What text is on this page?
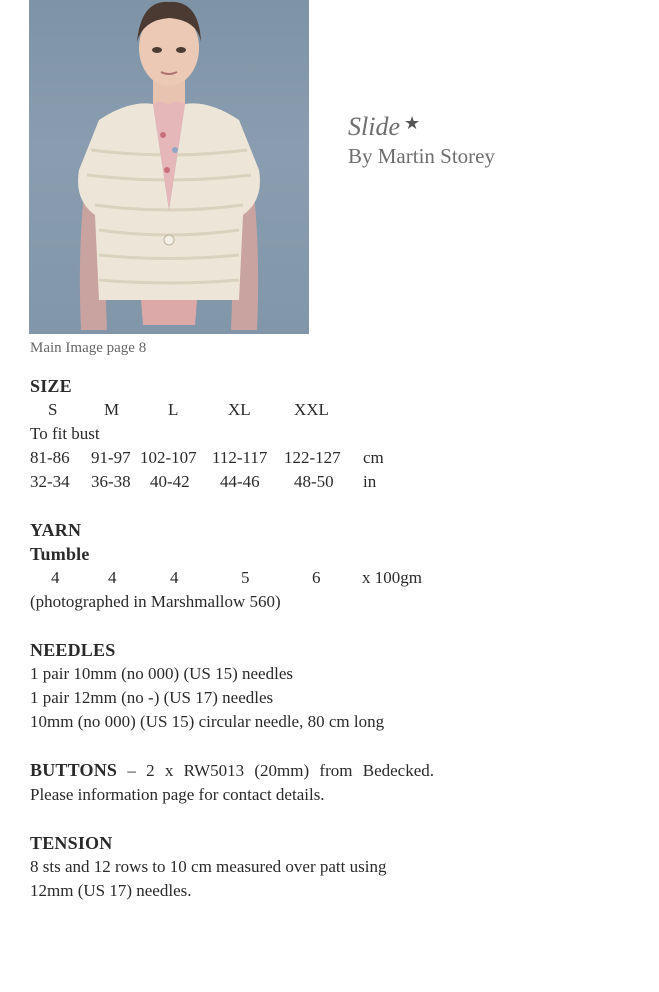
Main Image page 8
Slide ★
By Martin Storey
SIZE
S	M	L	XL	XXL
To fit bust
81-86	91-97 102-107 112-117 122-127	cm
32-34	36-38	40-42	44-46	48-50	in
YARN
Tumble
4	4	4	5	6	x 100gm
(photographed in Marshmallow 560)
NEEDLES
1 pair 10mm (no 000) (US 15) needles
1 pair 12mm (no -) (US 17) needles
10mm (no 000) (US 15) circular needle, 80 cm long
BUTTONS – 2 x RW5013 (20mm) from Bedecked. Please information page for contact details.
TENSION
8 sts and 12 rows to 10 cm measured over patt using 12mm (US 17) needles.
